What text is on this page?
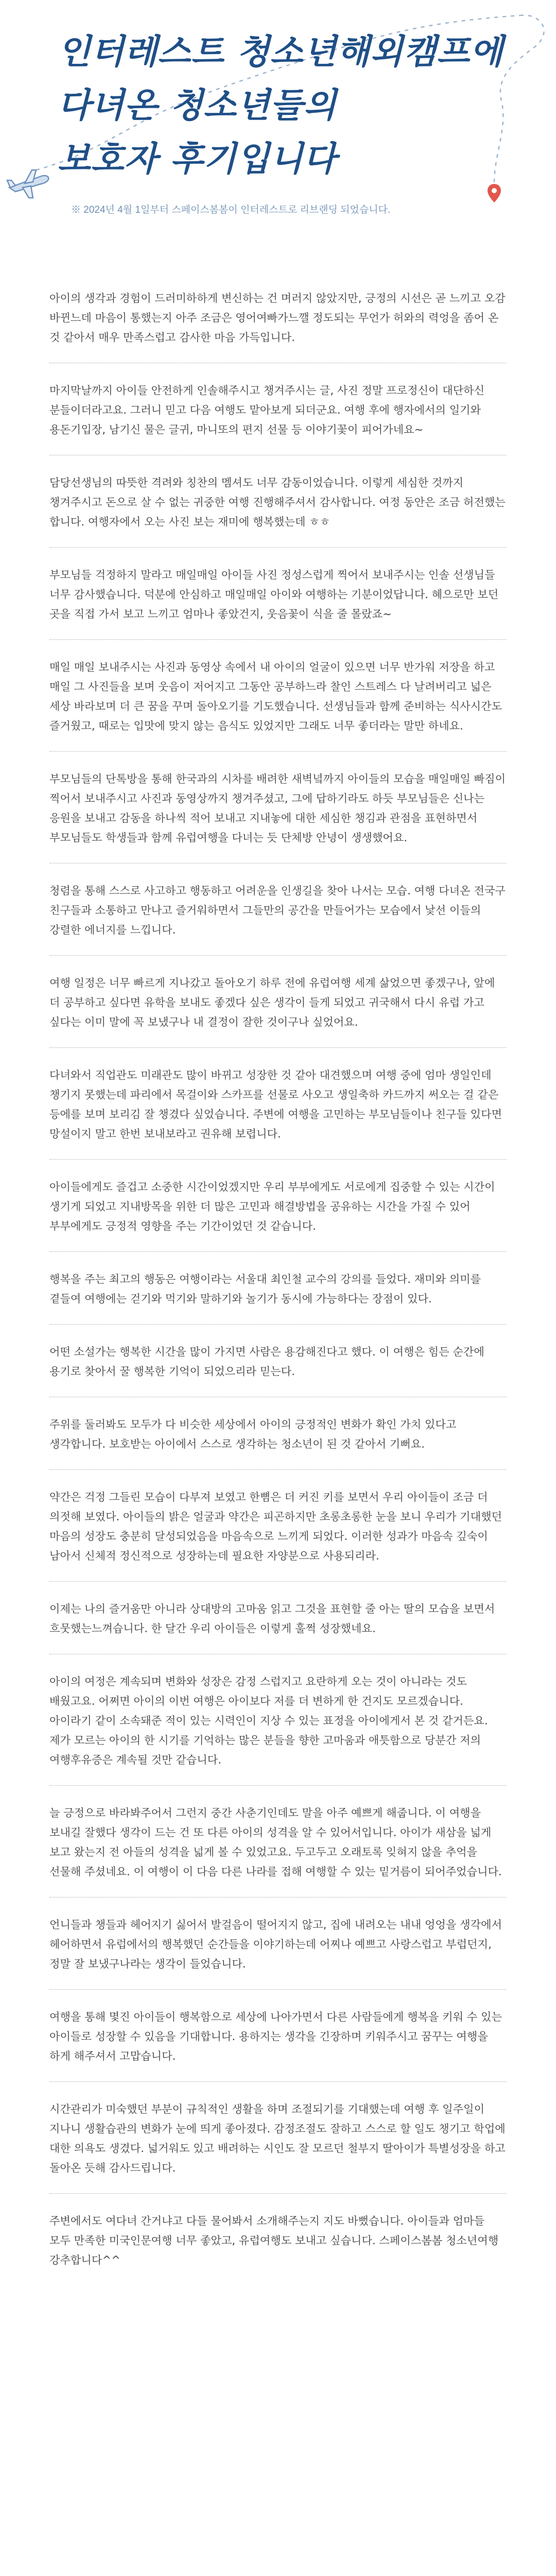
인터레스트 청소년해외캠프에
다녀온 청소년들의
보호자 후기입니다
※ 2024년 4월 1일부터 스페이스봄봄이 인터레스트로 리브랜딩 되었습니다.

아이의 생각과 경험이 드러미하하게 변신하는 건 며러지 않았지만, 긍정의 시선은 곧 느끼고 오감 바뀐느데 마음이 통했는지 아주 조금은 영어여빠가느깰 정도되는 무언가 허와의 력엉을 좀어 온 것 같아서 매우 만족스럽고 감사한 마음 가득입니다.

마지막날까지 아이들 안전하게 인솔해주시고 챙겨주시는 글, 사진 정말 프로정신이 대단하신 분들이더라고요. 그러니 믿고 다음 여행도 맡아보게 되더군요. 여행 후에 행자에서의 일기와 용돈기입장, 남기신 물은 글귀, 마니또의 편지 선물 등 이야기꽃이 피어가네요~

담당선생님의 따뜻한 격려와 칭찬의 멤셔도 너무 감동이었습니다. 이렇게 세심한 것까지 챙겨주시고 돈으로 살 수 없는 귀중한 여행 진행해주셔서 감사합니다. 여정 동안은 조금 허전했는 합니다. 여행자에서 오는 사진 보는 재미에 행복했는데 ㅎㅎ

부모님들 걱정하지 말라고 매일매일 아이들 사진 정성스럽게 찍어서 보내주시는 인솔 선생님들 너무 감사했습니다. 덕분에 안심하고 매일매일 아이와 여행하는 기분이었답니다. 혜으로만 보던 곳을 직접 가서 보고 느끼고 엄마나 좋았건지, 웃음꽃이 식을 줄 몰랐죠~

매일 매일 보내주시는 사진과 동영상 속에서 내 아이의 얼굴이 있으면 너무 반가워 저장을 하고 매일 그 사진들을 보며 웃음이 저어지고 그동안 공부하느라 찰인 스트레스 다 날려버리고 넓은 세상 바라보며 더 큰 꿈을 꾸며 돌아오기를 기도했습니다. 선생님들과 함께 준비하는 식사시간도 즐거웠고, 때로는 입맛에 맞지 않는 음식도 있었지만 그래도 너무 좋더라는 말만 하네요.

부모님들의 단톡방을 통해 한국과의 시차를 배려한 새벽녘까지 아이들의 모습을 매일매일 빠짐이 찍어서 보내주시고 사진과 동영상까지 챙겨주셨고, 그에 답하기라도 하듯 부모님들은 신나는 응원을 보내고 감동을 하나씩 적어 보내고 지내놓에 대한 세심한 챙김과 관점을 표현하면서 부모님들도 학생들과 함께 유럽여행을 다녀는 듯 단체방 안녕이 생생했어요.

청렴을 통해 스스로 사고하고 행동하고 어려운을 인생길을 찾아 나서는 모습. 여행 다녀온 전국구 친구들과 소통하고 만나고 즐거워하면서 그들만의 공간을 만들어가는 모습에서 낯선 이들의 강렬한 에너지를 느낍니다.

여행 일정은 너무 빠르게 지나갔고 돌아오기 하루 전에 유럽여행 세계 삶었으면 좋겠구나, 앞에 더 공부하고 싶다면 유학을 보내도 좋겠다 싶은 생각이 들게 되었고 귀국해서 다시 유럽 가고 싶다는 이미 말에 꼭 보냈구나 내 결정이 잘한 것이구나 싶었어요.

다녀와서 직업관도 미래관도 많이 바뀌고 성장한 것 같아 대견했으며 여행 중에 엄마 생일인데 챙기지 못했는데 파리에서 목걸이와 스카프를 선물로 사오고 생일축하 카드까지 써오는 걸 같은 등에를 보며 보리김 잘 챙겼다 싶었습니다. 주변에 여행을 고민하는 부모님들이나 친구들 있다면 망설이지 말고 한번 보내보라고 권유해 보렵니다.

아이들에게도 즐겁고 소중한 시간이었겠지만 우리 부부에게도 서로에게 집중할 수 있는 시간이 생기게 되었고 지내방목을 위한 더 많은 고민과 해결방법을 공유하는 시간을 가질 수 있어 부부에게도 긍정적 영향을 주는 기간이었던 것 같습니다.

행복을 주는 최고의 행동은 여행이라는 서울대 최인철 교수의 강의를 들었다. 재미와 의미를 곁들여 여행에는 걷기와 먹기와 말하기와 놀기가 동시에 가능하다는 장점이 있다.

어떤 소설가는 행복한 시간을 많이 가지면 사람은 용감해진다고 했다. 이 여행은 힘든 순간에 용기로 찾아서 꿀 행복한 기억이 되었으리라 믿는다.

주위를 둘러봐도 모두가 다 비슷한 세상에서 아이의 긍정적인 변화가 확인 가치 있다고 생각합니다. 보호받는 아이에서 스스로 생각하는 청소년이 된 것 같아서 기뻐요.

약간은 걱정 그들린 모습이 다부져 보였고 한뼘은 더 커진 키를 보면서 우리 아이들이 조금 더 의젓해 보였다. 아이들의 밝은 얼굴과 약간은 피곤하지만 초롱초롱한 눈을 보니 우리가 기대했던 마음의 성장도 충분히 달성되었음을 마음속으로 느끼게 되었다. 이러한 성과가 마음속 깊숙이 남아서 신체적 정신적으로 성장하는데 필요한 자양분으로 사용되리라.

이제는 나의 즐거움만 아니라 상대방의 고마움 읽고 그것을 표현할 줄 아는 딸의 모습을 보면서 흐뭇했는느껴습니다. 한 달간 우리 아이들은 이렇게 훌쩍 성장했네요.

아이의 여정은 계속되며 변화와 성장은 감정 스럽지고 요란하게 오는 것이 아니라는 것도 배웠고요. 어쩌면 아이의 이번 여행은 아이보다 저를 더 변하게 한 건지도 모르겠습니다. 아이라기 같이 소속돼준 적이 있는 시력인이 지상 수 있는 표정을 아이에게서 본 것 같거든요. 제가 모르는 아이의 한 시기를 기억하는 많은 분들을 향한 고마움과 애틋함으로 당분간 저의 여행후유증은 계속될 것만 같습니다.

늘 긍정으로 바라봐주어서 그런지 중간 사춘기인데도 말을 아주 예쁘게 해줍니다. 이 여행을 보내길 잘했다 생각이 드는 건 또 다른 아이의 성격을 알 수 있어서입니다. 아이가 새삼을 넓게 보고 왔는지 전 아들의 성격을 넓게 볼 수 있었고요. 두고두고 오래토록 잊혀지 않을 추억을 선물해 주셨네요. 이 여행이 이 다음 다른 나라를 접해 여행할 수 있는 밑거름이 되어주었습니다.

언니들과 챙들과 헤어지기 싫어서 발걸음이 떨어지지 않고, 집에 내려오는 내내 엉엉을 생각에서 헤어하면서 유럽에서의 행복했던 순간들을 이야기하는데 어찌나 예쁘고 사랑스럽고 부럽던지, 정말 잘 보냈구나라는 생각이 들었습니다.

여행을 통해 몇진 아이들이 행복함으로 세상에 나아가면서 다른 사람들에게 행복을 키워 수 있는 아이들로 성장할 수 있음을 기대합니다. 용하지는 생각을 긴장하며 키워주시고 꿈꾸는 여행을 하게 해주셔서 고맙습니다.

시간관리가 미숙했던 부분이 규칙적인 생활을 하며 조절되기를 기대했는데 여행 후 일주일이 지나니 생활습관의 변화가 눈에 띄게 좋아졌다. 감정조절도 잘하고 스스로 할 일도 챙기고 학업에 대한 의욕도 생겼다. 넓거워도 있고 배려하는 시인도 잘 모르던 철부지 딸아이가 특별성장을 하고 돌아온 듯해 감사드립니다.

주변에서도 여다녀 간거냐고 다들 물어봐서 소개해주는지 지도 바뻤습니다. 아이들과 엄마들 모두 만족한 미국인문여행 너무 좋았고, 유럽여행도 보내고 싶습니다. 스페이스봄봄 청소년여행 강추합니다^^
